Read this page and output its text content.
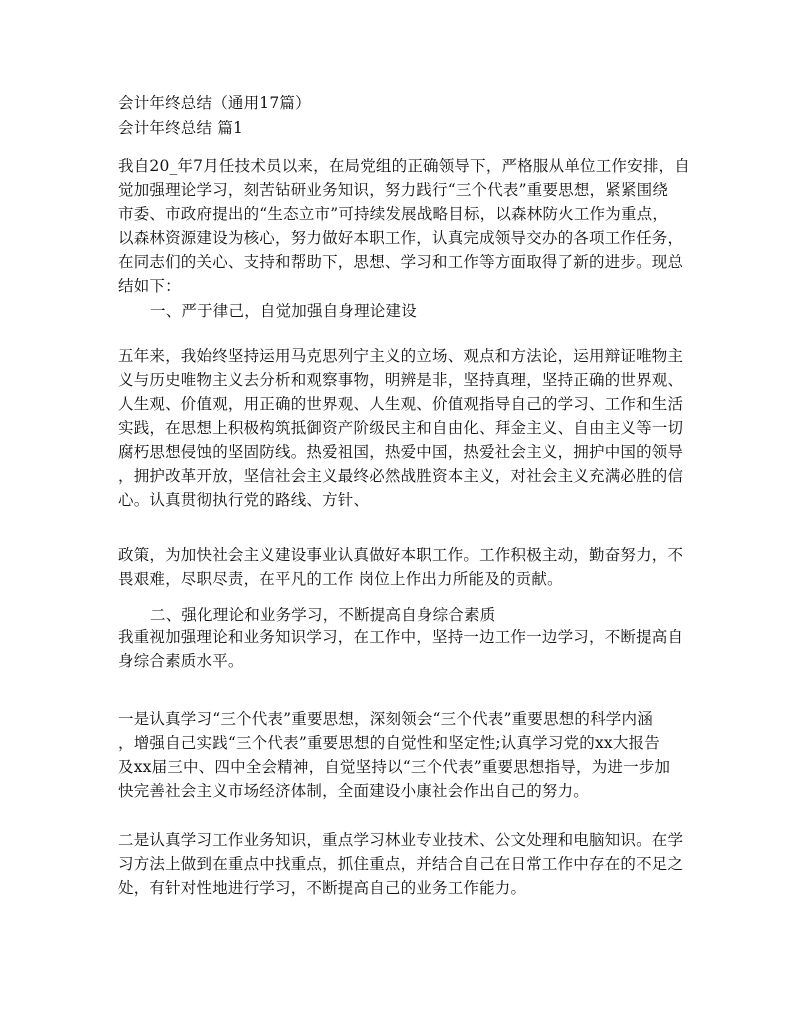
会计年终总结（通用17篇）
会计年终总结 篇1
我自20_年7月任技术员以来，在局党组的正确领导下，严格服从单位工作安排，自
觉加强理论学习，刻苦钻研业务知识，努力践行“三个代表”重要思想，紧紧围绕
市委、市政府提出的“生态立市”可持续发展战略目标，以森林防火工作为重点，
以森林资源建设为核心，努力做好本职工作，认真完成领导交办的各项工作任务，
在同志们的关心、支持和帮助下，思想、学习和工作等方面取得了新的进步。现总
结如下：
一、严于律己，自觉加强自身理论建设
五年来，我始终坚持运用马克思列宁主义的立场、观点和方法论，运用辩证唯物主
义与历史唯物主义去分析和观察事物，明辨是非，坚持真理，坚持正确的世界观、
人生观、价值观，用正确的世界观、人生观、价值观指导自己的学习、工作和生活
实践，在思想上积极构筑抵御资产阶级民主和自由化、拜金主义、自由主义等一切
腐朽思想侵蚀的坚固防线。热爱祖国，热爱中国，热爱社会主义，拥护中国的领导
，拥护改革开放，坚信社会主义最终必然战胜资本主义，对社会主义充满必胜的信
心。认真贯彻执行党的路线、方针、
政策，为加快社会主义建设事业认真做好本职工作。工作积极主动，勤奋努力，不
畏艰难，尽职尽责，在平凡的工作 岗位上作出力所能及的贡献。
二、强化理论和业务学习，不断提高自身综合素质
我重视加强理论和业务知识学习，在工作中，坚持一边工作一边学习，不断提高自
身综合素质水平。
一是认真学习“三个代表”重要思想，深刻领会“三个代表”重要思想的科学内涵
，增强自己实践“三个代表”重要思想的自觉性和坚定性;认真学习党的xx大报告
及xx届三中、四中全会精神，自觉坚持以“三个代表”重要思想指导，为进一步加
快完善社会主义市场经济体制，全面建设小康社会作出自己的努力。
二是认真学习工作业务知识，重点学习林业专业技术、公文处理和电脑知识。在学
习方法上做到在重点中找重点，抓住重点，并结合自己在日常工作中存在的不足之
处，有针对性地进行学习，不断提高自己的业务工作能力。
